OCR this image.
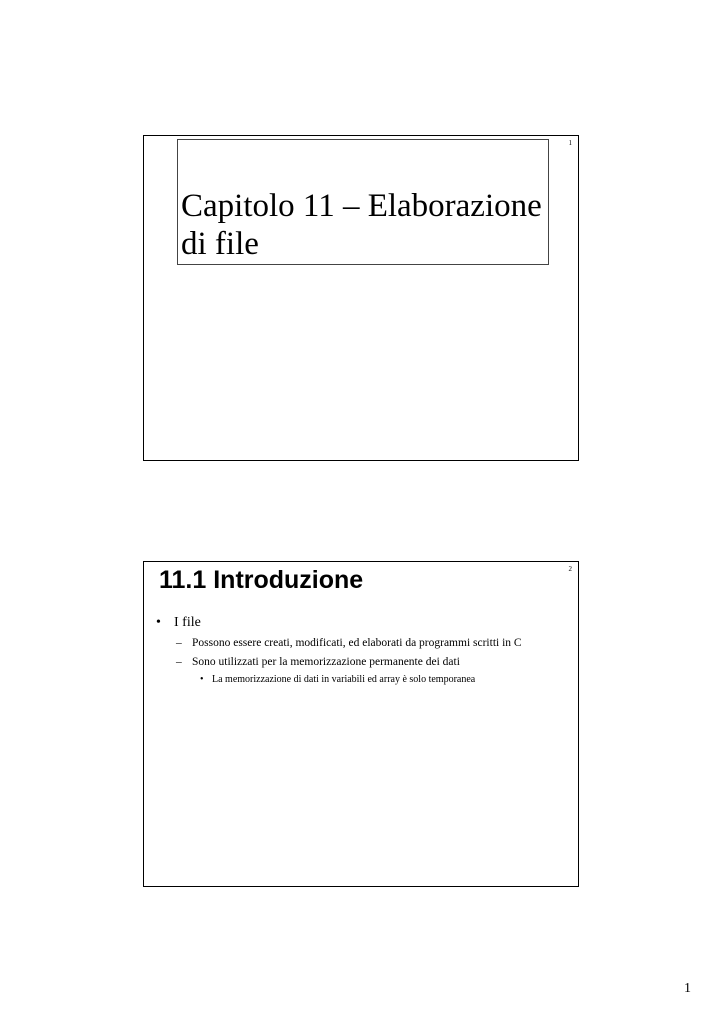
1
Capitolo 11 – Elaborazione
di file
2
11.1 Introduzione
• I file
– Possono essere creati, modificati, ed elaborati da programmi scritti in C
– Sono utilizzati per la memorizzazione permanente dei dati
• La memorizzazione di dati in variabili ed array è solo temporanea
1
